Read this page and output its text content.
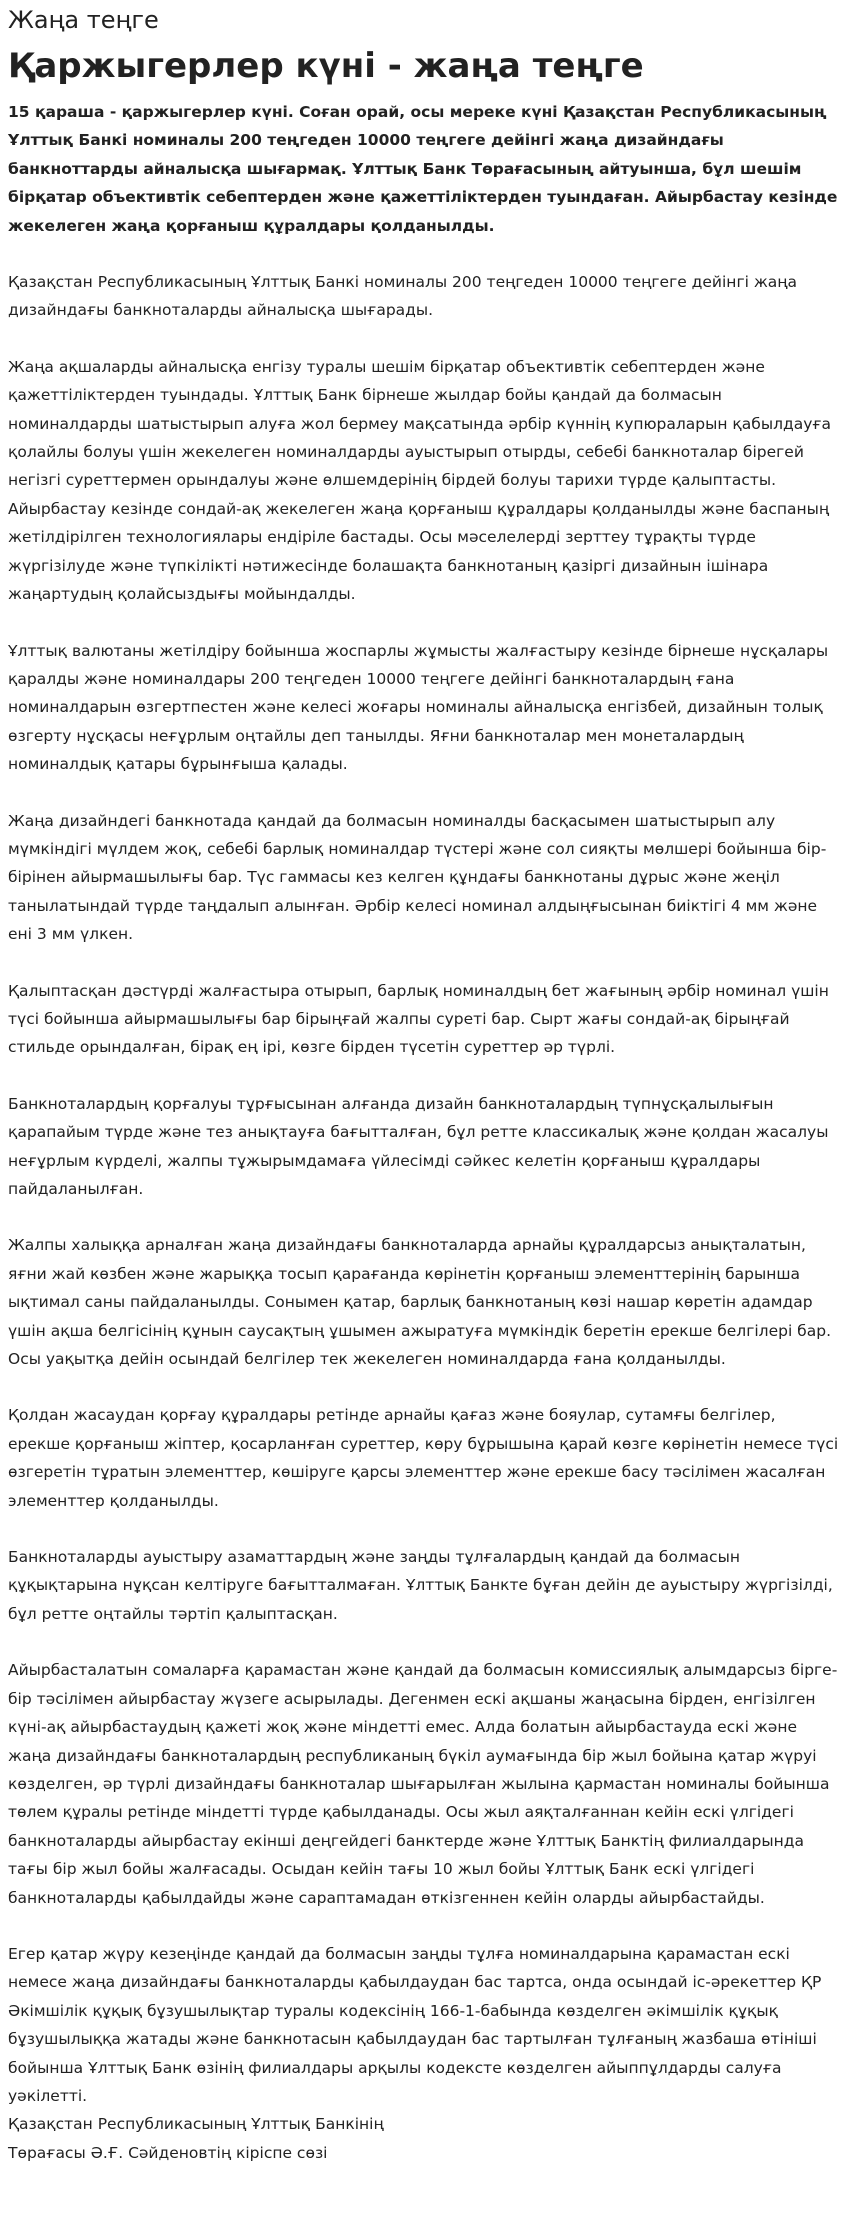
Жаңа теңге
Қаржыгерлер күні - жаңа теңге

15 қараша - қаржыгерлер күні. Соған орай, осы мереке күні Қазақстан Республикасының Ұлттық Банкі номиналы 200 теңгеден 10000 теңгеге дейінгі жаңа дизайндағы банкноттарды айналысқа шығармақ. Ұлттық Банк Төрағасының айтуынша, бұл шешім бірқатар объективтік себептерден және қажеттіліктерден туындаған. Айырбастау кезінде жекелеген жаңа қорғаныш құралдары қолданылды.

Қазақстан Республикасының Ұлттық Банкі номиналы 200 теңгеден 10000 теңгеге дейінгі жаңа дизайндағы банкноталарды айналысқа шығарады.

Жаңа ақшаларды айналысқа енгізу туралы шешім бірқатар объективтік себептерден және қажеттіліктерден туындады. Ұлттық Банк бірнеше жылдар бойы қандай да болмасын номиналдарды шатыстырып алуға жол бермеу мақсатында әрбір күннің купюраларын қабылдауға қолайлы болуы үшін жекелеген номиналдарды ауыстырып отырды, себебі банкноталар бірегей негізгі суреттермен орындалуы және өлшемдерінің бірдей болуы тарихи түрде қалыптасты. Айырбастау кезінде сондай-ақ жекелеген жаңа қорғаныш құралдары қолданылды және баспаның жетілдірілген технологиялары ендіріле бастады. Осы мәселелерді зерттеу тұрақты түрде жүргізілуде және түпкілікті нәтижесінде болашақта банкнотаның қазіргі дизайнын ішінара жаңартудың қолайсыздығы мойындалды.

Ұлттық валютаны жетілдіру бойынша жоспарлы жұмысты жалғастыру кезінде бірнеше нұсқалары қаралды және номиналдары 200 теңгеден 10000 теңгеге дейінгі банкноталардың ғана номиналдарын өзгертпестен және келесі жоғары номиналы айналысқа енгізбей, дизайнын толық өзгерту нұсқасы неғұрлым оңтайлы деп танылды. Яғни банкноталар мен монеталардың номиналдық қатары бұрынғыша қалады.

Жаңа дизайндегі банкнотада қандай да болмасын номиналды басқасымен шатыстырып алу мүмкіндігі мүлдем жоқ, себебі барлық номиналдар түстері және сол сияқты мөлшері бойынша бір-бірінен айырмашылығы бар. Түс гаммасы кез келген құндағы банкнотаны дұрыс және жеңіл танылатындай түрде таңдалып алынған. Әрбір келесі номинал алдыңғысынан биіктігі 4 мм және ені 3 мм үлкен.

Қалыптасқан дәстүрді жалғастыра отырып, барлық номиналдың бет жағының әрбір номинал үшін түсі бойынша айырмашылығы бар бірыңғай жалпы суреті бар. Сырт жағы сондай-ақ бірыңғай стильде орындалған, бірақ ең ірі, көзге бірден түсетін суреттер әр түрлі.

Банкноталардың қорғалуы тұрғысынан алғанда дизайн банкноталардың түпнұсқалылығын қарапайым түрде және тез анықтауға бағытталған, бұл ретте классикалық және қолдан жасалуы неғұрлым күрделі, жалпы тұжырымдамаға үйлесімді сәйкес келетін қорғаныш құралдары пайдаланылған.

Жалпы халыққа арналған жаңа дизайндағы банкноталарда арнайы құралдарсыз анықталатын, яғни жай көзбен және жарыққа тосып қарағанда көрінетін қорғаныш элементтерінің барынша ықтимал саны пайдаланылды. Сонымен қатар, барлық банкнотаның көзі нашар көретін адамдар үшін ақша белгісінің құнын саусақтың ұшымен ажыратуға мүмкіндік беретін ерекше белгілері бар. Осы уақытқа дейін осындай белгілер тек жекелеген номиналдарда ғана қолданылды.

Қолдан жасаудан қорғау құралдары ретінде арнайы қағаз және бояулар, сутамғы белгілер, ерекше қорғаныш жіптер, қосарланған суреттер, көру бұрышына қарай көзге көрінетін немесе түсі өзгеретін тұратын элементтер, көшіруге қарсы элементтер және ерекше басу тәсілімен жасалған элементтер қолданылды.

Банкноталарды ауыстыру азаматтардың және заңды тұлғалардың қандай да болмасын құқықтарына нұқсан келтіруге бағытталмаған. Ұлттық Банкте бұған дейін де ауыстыру жүргізілді, бұл ретте оңтайлы тәртіп қалыптасқан.

Айырбасталатын сомаларға қарамастан және қандай да болмасын комиссиялық алымдарсыз бірге-бір тәсілімен айырбастау жүзеге асырылады. Дегенмен ескі ақшаны жаңасына бірден, енгізілген күні-ақ айырбастаудың қажеті жоқ және міндетті емес. Алда болатын айырбастауда ескі және жаңа дизайндағы банкноталардың республиканың бүкіл аумағында бір жыл бойына қатар жүруі көзделген, әр түрлі дизайндағы банкноталар шығарылған жылына қармастан номиналы бойынша төлем құралы ретінде міндетті түрде қабылданады. Осы жыл аяқталғаннан кейін ескі үлгідегі банкноталарды айырбастау екінші деңгейдегі банктерде және Ұлттық Банктің филиалдарында тағы бір жыл бойы жалғасады. Осыдан кейін тағы 10 жыл бойы Ұлттық Банк ескі үлгідегі банкноталарды қабылдайды және сараптамадан өткізгеннен кейін оларды айырбастайды.

Егер қатар жүру кезеңінде қандай да болмасын заңды тұлға номиналдарына қарамастан ескі немесе жаңа дизайндағы банкноталарды қабылдаудан бас тартса, онда осындай іс-әрекеттер ҚР Әкімшілік құқық бұзушылықтар туралы кодексінің 166-1-бабында көзделген әкімшілік құқық бұзушылыққа жатады және банкнотасын қабылдаудан бас тартылған тұлғаның жазбаша өтініші бойынша Ұлттық Банк өзінің филиалдары арқылы кодексте көзделген айыппұлдарды салуға уәкілетті.

Қазақстан Республикасының Ұлттық Банкінің

Төрағасы Ә.Ғ. Сәйденовтің кіріспе сөзі
